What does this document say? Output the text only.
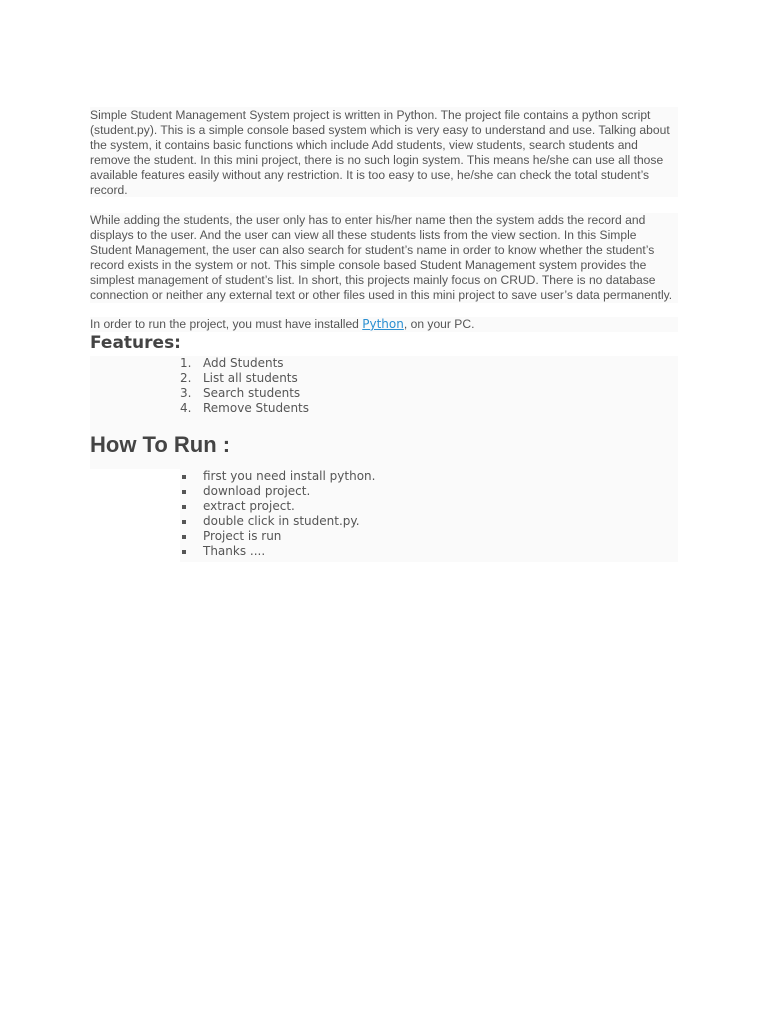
Simple Student Management System project is written in Python. The project file contains a python script (student.py). This is a simple console based system which is very easy to understand and use. Talking about the system, it contains basic functions which include Add students, view students, search students and remove the student. In this mini project, there is no such login system. This means he/she can use all those available features easily without any restriction. It is too easy to use, he/she can check the total student’s record.

While adding the students, the user only has to enter his/her name then the system adds the record and displays to the user. And the user can view all these students lists from the view section. In this Simple Student Management, the user can also search for student’s name in order to know whether the student’s record exists in the system or not. This simple console based Student Management system provides the simplest management of student’s list. In short, this projects mainly focus on CRUD. There is no database connection or neither any external text or other files used in this mini project to save user’s data permanently.

In order to run the project, you must have installed Python, on your PC.

Features:
1. Add Students
2. List all students
3. Search students
4. Remove Students
How To Run :
first you need install python.
download project.
extract project.
double click in student.py.
Project is run
Thanks ....
